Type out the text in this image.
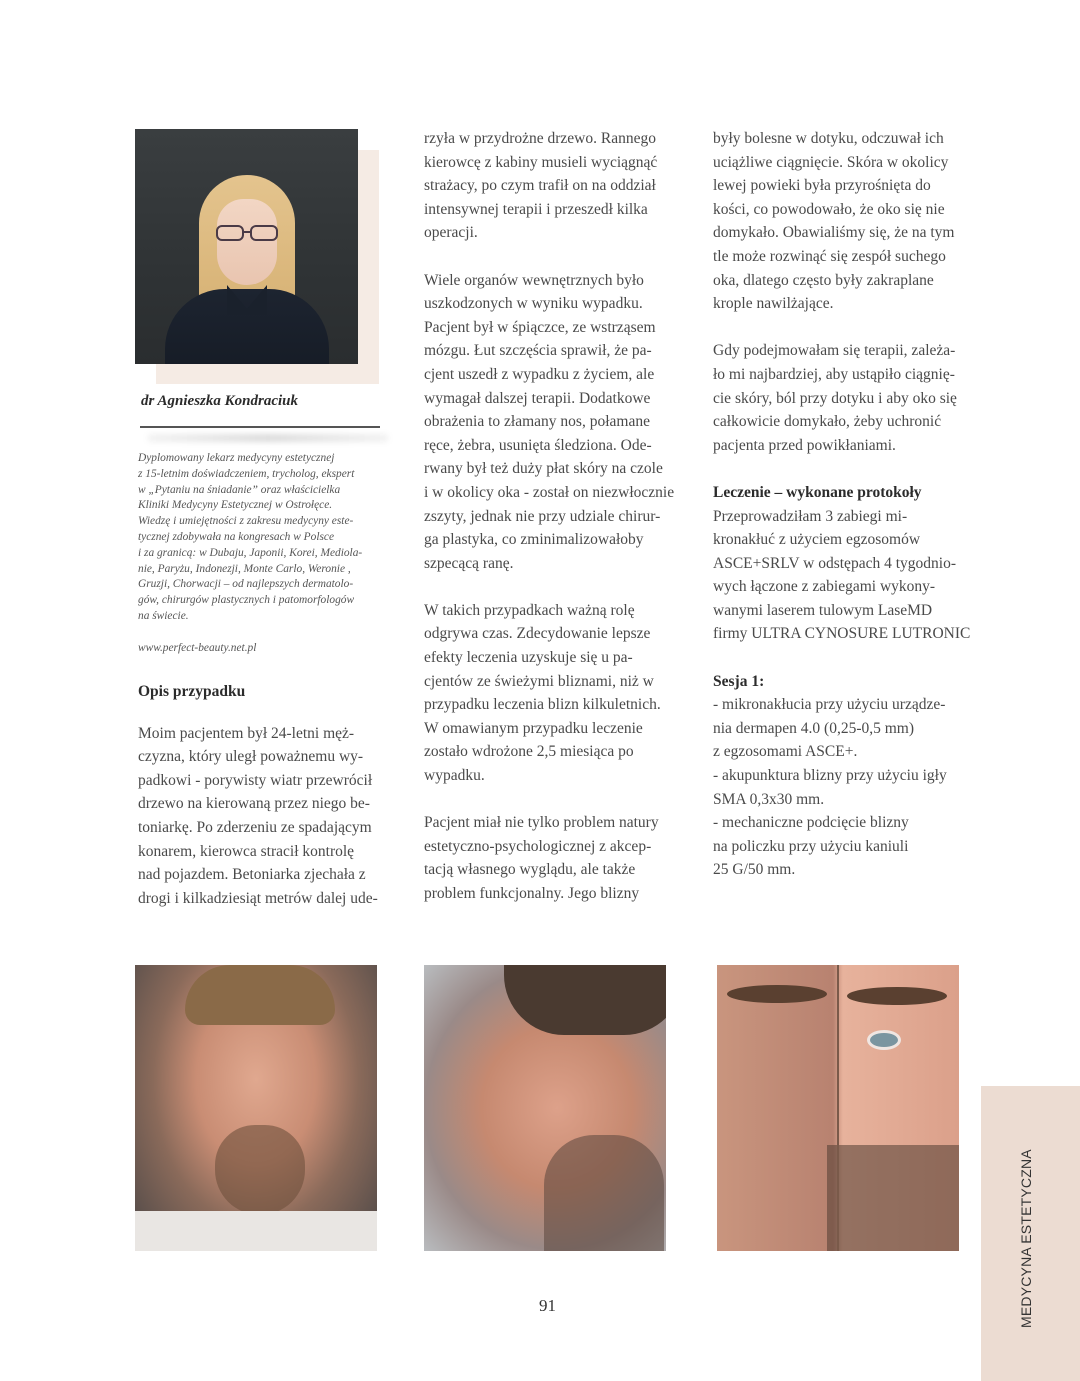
dr Agnieszka Kondraciuk
Dyplomowany lekarz medycyny estetycznej
z 15-letnim doświadczeniem, trycholog, ekspert
w „Pytaniu na śniadanie” oraz właścicielka
Kliniki Medycyny Estetycznej w Ostrołęce.
Wiedzę i umiejętności z zakresu medycyny este-
tycznej zdobywała na kongresach w Polsce
i za granicą: w Dubaju, Japonii, Korei, Mediola-
nie, Paryżu, Indonezji, Monte Carlo, Weronie ,
Gruzji, Chorwacji – od najlepszych dermatolo-
gów, chirurgów plastycznych i patomorfologów
na świecie.
www.perfect-beauty.net.pl

Opis przypadku

Moim pacjentem był 24-letni męż-
czyzna, który uległ poważnemu wy-
padkowi - porywisty wiatr przewrócił
drzewo na kierowaną przez niego be-
toniarkę. Po zderzeniu ze spadającym
konarem, kierowca stracił kontrolę
nad pojazdem. Betoniarka zjechała z
drogi i kilkadziesiąt metrów dalej ude-

rzyła w przydrożne drzewo. Rannego
kierowcę z kabiny musieli wyciągnąć
strażacy, po czym trafił on na oddział
intensywnej terapii i przeszedł kilka
operacji.

Wiele organów wewnętrznych było
uszkodzonych w wyniku wypadku.
Pacjent był w śpiączce, ze wstrząsem
mózgu. Łut szczęścia sprawił, że pa-
cjent uszedł z wypadku z życiem, ale
wymagał dalszej terapii. Dodatkowe
obrażenia to złamany nos, połamane
ręce, żebra, usunięta śledziona. Ode-
rwany był też duży płat skóry na czole
i w okolicy oka - został on niezwłocznie
zszyty, jednak nie przy udziale chirur-
ga plastyka, co zminimalizowałoby
szpecącą ranę.

W takich przypadkach ważną rolę
odgrywa czas. Zdecydowanie lepsze
efekty leczenia uzyskuje się u pa-
cjentów ze świeżymi bliznami, niż w
przypadku leczenia blizn kilkuletnich.
W omawianym przypadku leczenie
zostało wdrożone 2,5 miesiąca po
wypadku.

Pacjent miał nie tylko problem natury
estetyczno-psychologicznej z akcep-
tacją własnego wyglądu, ale także
problem funkcjonalny. Jego blizny

były bolesne w dotyku, odczuwał ich
uciążliwe ciągnięcie. Skóra w okolicy
lewej powieki była przyrośnięta do
kości, co powodowało, że oko się nie
domykało. Obawialiśmy się, że na tym
tle może rozwinąć się zespół suchego
oka, dlatego często były zakraplane
krople nawilżające.

Gdy podejmowałam się terapii, zależa-
ło mi najbardziej, aby ustąpiło ciągnię-
cie skóry, ból przy dotyku i aby oko się
całkowicie domykało, żeby uchronić
pacjenta przed powikłaniami.

Leczenie – wykonane protokoły
Przeprowadziłam 3 zabiegi mi-
kronakłuć z użyciem egzosomów
ASCE+SRLV w odstępach 4 tygodnio-
wych łączone z zabiegami wykony-
wanymi laserem tulowym LaseMD
firmy ULTRA CYNOSURE LUTRONIC

Sesja 1:
- mikronakłucia przy użyciu urządze-
nia dermapen 4.0 (0,25-0,5 mm)
z egzosomami ASCE+.
- akupunktura blizny przy użyciu igły
SMA 0,3x30 mm.
- mechaniczne podcięcie blizny
na policzku przy użyciu kaniuli
25 G/50 mm.

91	MEDYCYNA ESTETYCZNA
